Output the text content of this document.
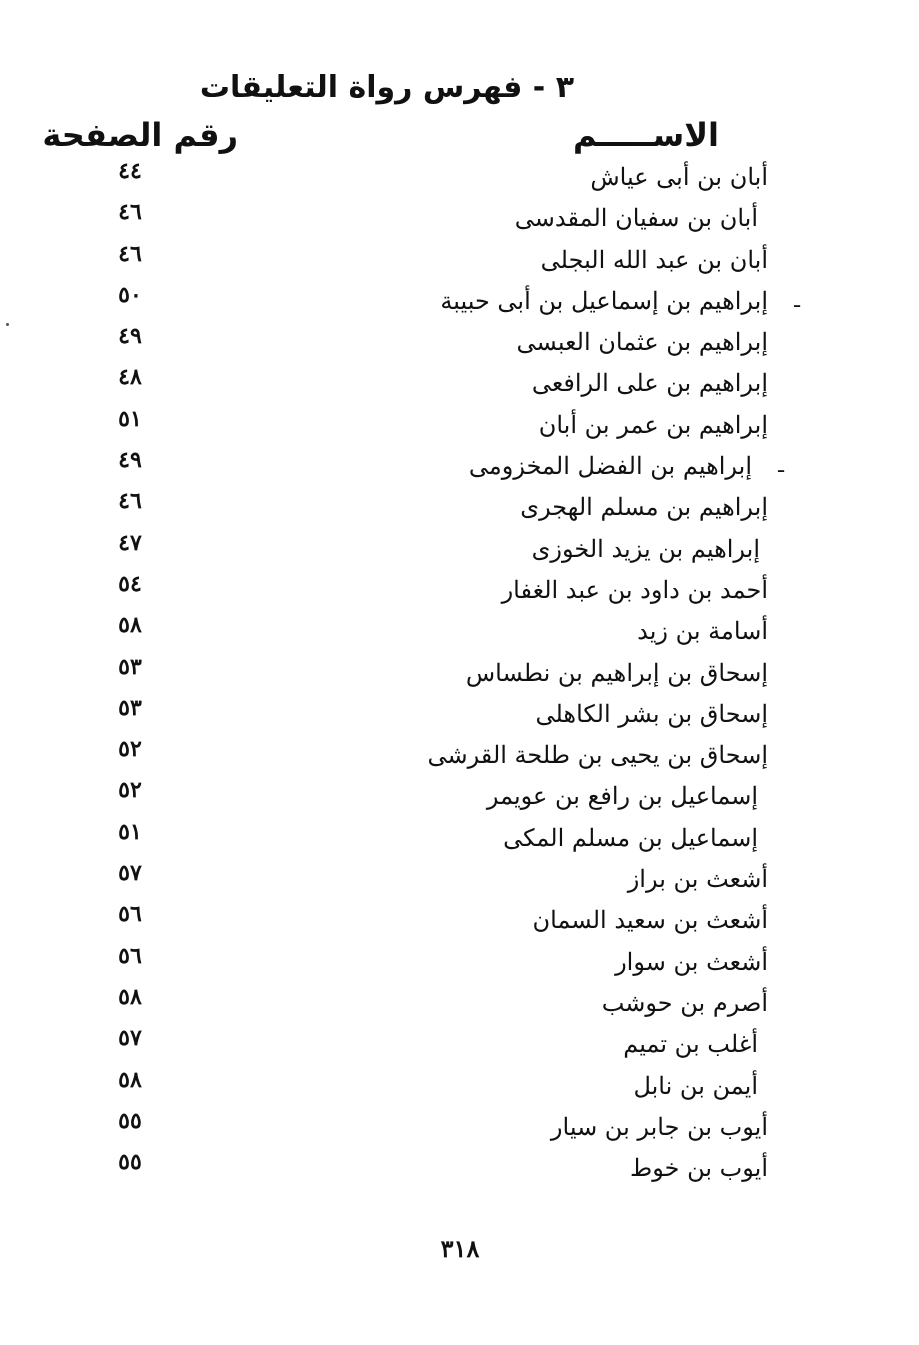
٣ - فهرس رواة التعليقات
الاســـــم
رقم الصفحة
أبان بن أبى عياش
٤٤
أبان بن سفيان المقدسى
٤٦
أبان بن عبد الله البجلى
٤٦
ـ
إبراهيم بن إسماعيل بن أبى حبيبة
٥٠
إبراهيم بن عثمان العبسى
٤٩
إبراهيم بن على الرافعى
٤٨
إبراهيم بن عمر بن أبان
٥١
ـ
إبراهيم بن الفضل المخزومى
٤٩
إبراهيم بن مسلم الهجرى
٤٦
إبراهيم بن يزيد الخوزى
٤٧
أحمد بن داود بن عبد الغفار
٥٤
أسامة بن زيد
٥٨
إسحاق بن إبراهيم بن نطساس
٥٣
إسحاق بن بشر الكاهلى
٥٣
إسحاق بن يحيى بن طلحة القرشى
٥٢
إسماعيل بن رافع بن عويمر
٥٢
إسماعيل بن مسلم المكى
٥١
أشعث بن براز
٥٧
أشعث بن سعيد السمان
٥٦
أشعث بن سوار
٥٦
أصرم بن حوشب
٥٨
أغلب بن تميم
٥٧
أيمن بن نابل
٥٨
أيوب بن جابر بن سيار
٥٥
أيوب بن خوط
٥٥
٣١٨
